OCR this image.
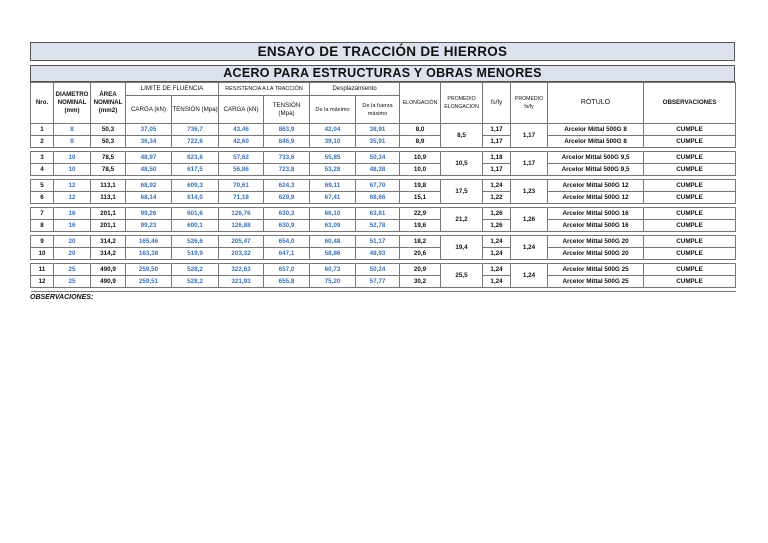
ENSAYO DE TRACCIÓN DE HIERROS
ACERO PARA ESTRUCTURAS Y OBRAS MENORES
Nro.	DIAMETRO NOMINAL (mm)	ÁREA NOMINAL (mm2)	LIMITE DE FLUENCIA		RESISTENCIA A LA TRACCIÓN		Desplazamiento		ELONGACIÓN	PROMEDIO ELONGACION	fs/fy	PROMEDIO fs/fy	RÓTULO	OBSERVACIONES
			CARGA (kN)	TENSIÓN (Mpa)	CARGA (kN)	TENSIÓN (Mpa)	De la máximo	De la fuerza máximo						
1	8	50,3	37,05	736,7	43,46	863,9	42,04	38,91	8,0	8,5	1,17	1,17	Arcelor Mittal 500G 8	CUMPLE
2	8	50,3	36,34	722,6	42,60	846,9	39,10	35,91	8,9		1,17		Arcelor Mittal 500G 8	CUMPLE

3	10	78,5	48,97	623,6	57,62	733,6	55,85	50,34	10,9	10,5	1,18	1,17	Arcelor Mittal 500G 9,5	CUMPLE
4	10	78,5	48,50	617,5	56,86	723,8	53,28	48,38	10,0		1,17		Arcelor Mittal 500G 9,5	CUMPLE

5	12	113,1	68,92	609,3	70,61	624,3	69,11	67,70	19,8	17,5	1,24	1,23	Arcelor Mittal 500G 12	CUMPLE
6	12	113,1	68,14	614,0	71,18	629,9	67,41	68,66	15,1		1,22		Arcelor Mittal 500G 12	CUMPLE

7	16	201,1	99,26	601,6	126,76	630,3	66,10	63,81	22,9	21,2	1,26	1,26	Arcelor Mittal 500G 16	CUMPLE
8	16	201,1	99,23	600,1	126,88	630,9	63,09	52,78	19,6		1,26		Arcelor Mittal 500G 16	CUMPLE

9	20	314,2	165,46	526,6	205,47	654,0	60,48	51,17	18,2	19,4	1,24	1,24	Arcelor Mittal 500G 20	CUMPLE
10	20	314,2	163,38	519,9	203,32	647,1	58,86	48,93	20,6		1,24		Arcelor Mittal 500G 20	CUMPLE

11	25	490,9	259,50	528,2	322,63	657,0	60,73	50,24	20,9	25,5	1,24	1,24	Arcelor Mittal 500G 25	CUMPLE
12	25	490,9	259,51	528,2	321,93	655,8	75,20	57,77	30,2		1,24		Arcelor Mittal 500G 25	CUMPLE

OBSERVACIONES:
